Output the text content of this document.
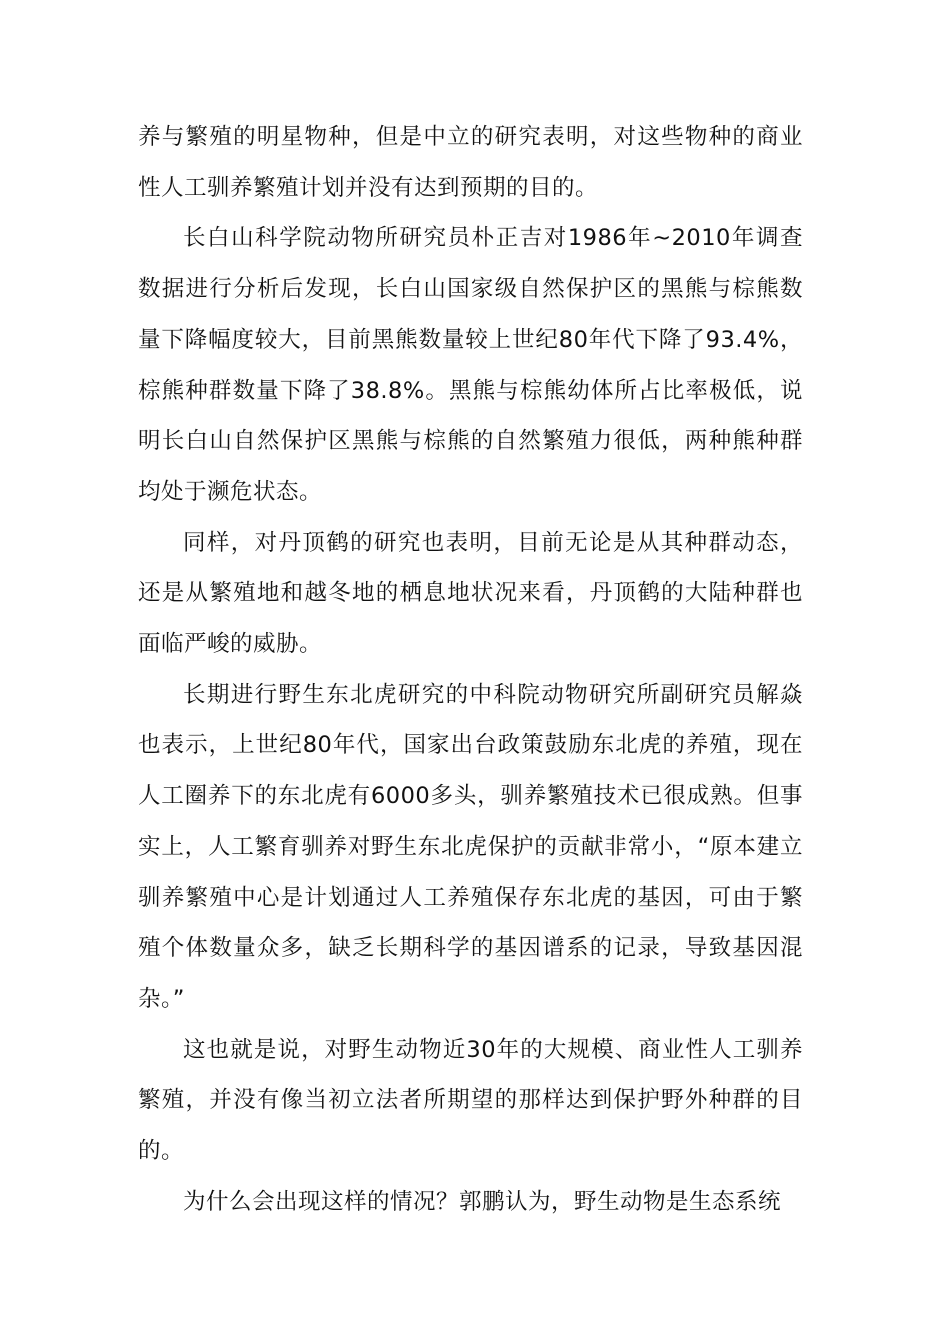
养与繁殖的明星物种，但是中立的研究表明，对这些物种的商业性人工驯养繁殖计划并没有达到预期的目的。

长白山科学院动物所研究员朴正吉对1986年~2010年调查数据进行分析后发现，长白山国家级自然保护区的黑熊与棕熊数量下降幅度较大，目前黑熊数量较上世纪80年代下降了93.4%，棕熊种群数量下降了38.8%。黑熊与棕熊幼体所占比率极低，说明长白山自然保护区黑熊与棕熊的自然繁殖力很低，两种熊种群均处于濒危状态。

同样，对丹顶鹤的研究也表明，目前无论是从其种群动态，还是从繁殖地和越冬地的栖息地状况来看，丹顶鹤的大陆种群也面临严峻的威胁。

长期进行野生东北虎研究的中科院动物研究所副研究员解焱也表示，上世纪80年代，国家出台政策鼓励东北虎的养殖，现在人工圈养下的东北虎有6000多头，驯养繁殖技术已很成熟。但事实上，人工繁育驯养对野生东北虎保护的贡献非常小，“原本建立驯养繁殖中心是计划通过人工养殖保存东北虎的基因，可由于繁殖个体数量众多，缺乏长期科学的基因谱系的记录，导致基因混杂。”

这也就是说，对野生动物近30年的大规模、商业性人工驯养繁殖，并没有像当初立法者所期望的那样达到保护野外种群的目的。

为什么会出现这样的情况？郭鹏认为，野生动物是生态系统
